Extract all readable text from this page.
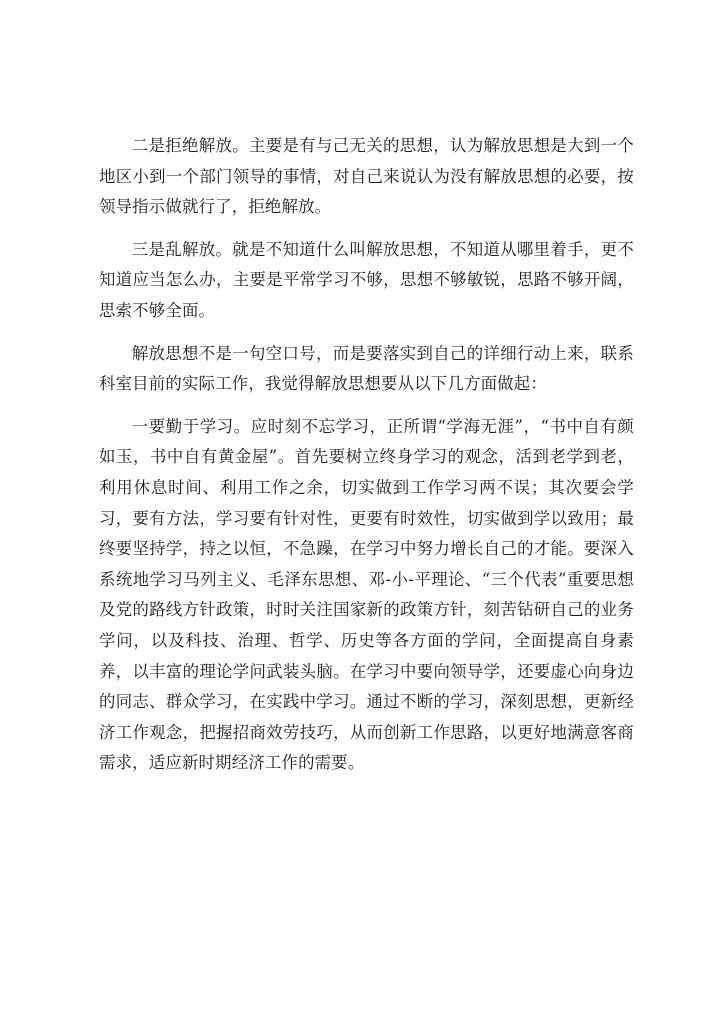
二是拒绝解放。主要是有与己无关的思想，认为解放思想是大到一个地区小到一个部门领导的事情，对自己来说认为没有解放思想的必要，按领导指示做就行了，拒绝解放。

三是乱解放。就是不知道什么叫解放思想，不知道从哪里着手，更不知道应当怎么办，主要是平常学习不够，思想不够敏锐，思路不够开阔，思索不够全面。

解放思想不是一句空口号，而是要落实到自己的详细行动上来，联系科室目前的实际工作，我觉得解放思想要从以下几方面做起：

一要勤于学习。应时刻不忘学习，正所谓“学海无涯”，“书中自有颜如玉，书中自有黄金屋”。首先要树立终身学习的观念，活到老学到老，利用休息时间、利用工作之余，切实做到工作学习两不误；其次要会学习，要有方法，学习要有针对性，更要有时效性，切实做到学以致用；最终要坚持学，持之以恒，不急躁，在学习中努力增长自己的才能。要深入系统地学习马列主义、毛泽东思想、邓-小-平理论、“三个代表”重要思想及党的路线方针政策，时时关注国家新的政策方针，刻苦钻研自己的业务学问，以及科技、治理、哲学、历史等各方面的学问，全面提高自身素养，以丰富的理论学问武装头脑。在学习中要向领导学，还要虚心向身边的同志、群众学习，在实践中学习。通过不断的学习，深刻思想，更新经济工作观念，把握招商效劳技巧，从而创新工作思路，以更好地满意客商需求，适应新时期经济工作的需要。
